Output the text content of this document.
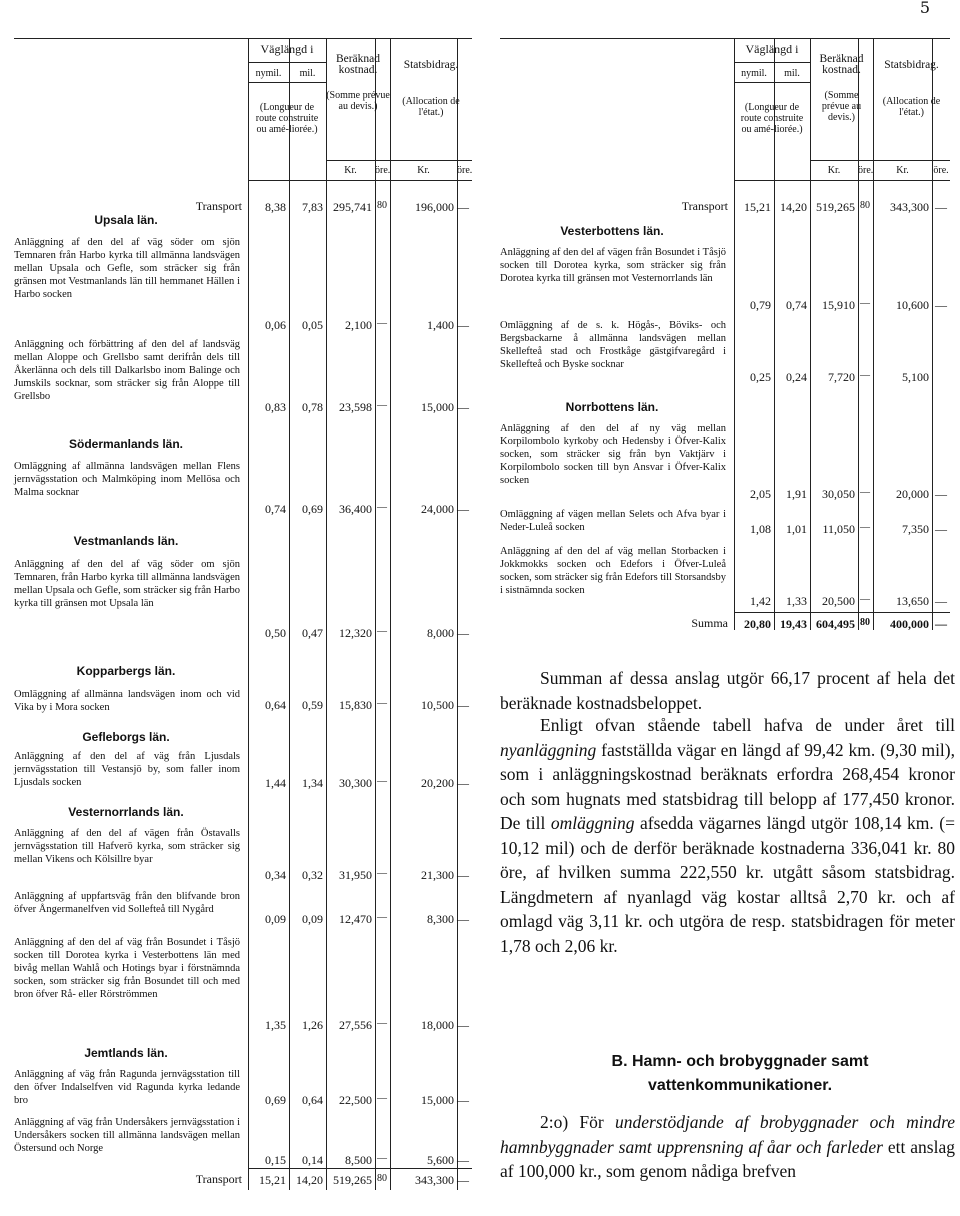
5
Väglängd i
nymil.	mil.
(Longueur de route construite ou amé-liorée.)
Beräknad kostnad.
(Somme prévue au devis.)
Statsbidrag.
(Allocation de l'état.)
Kr.	öre.	Kr.	öre.
Transport	8,38	7,83 295,741 80	196,000 —
Upsala län.
Anläggning af den del af väg söder om sjön Temnaren från Harbo kyrka till allmänna landsvägen mellan Upsala och Gefle, som sträcker sig från gränsen mot Vestmanlands län till hemmanet Hällen i Harbo socken
0,06	0,05	2,100 —	1,400 —
Anläggning och förbättring af den del af landsväg mellan Aloppe och Grellsbo samt derifrån dels till Åkerlänna och dels till Dalkarlsbo inom Balinge och Jumskils socknar, som sträcker sig från Aloppe till Grellsbo
0,83	0,78	23,598 —	15,000 —
Södermanlands län.
Omläggning af allmänna landsvägen mellan Flens jernvägsstation och Malmköping inom Mellösa och Malma socknar
0,74	0,69	36,400 —	24,000 —
Vestmanlands län.
Anläggning af den del af väg söder om sjön Temnaren, från Harbo kyrka till allmänna landsvägen mellan Upsala och Gefle, som sträcker sig från Harbo kyrka till gränsen mot Upsala län
0,50	0,47	12,320 —	8,000 —
Kopparbergs län.
Omläggning af allmänna landsvägen inom och vid Vika by i Mora socken	0,64	0,59	15,830 —	10,500 —
Gefleborgs län.
Anläggning af den del af väg från Ljusdals jernvägsstation till Vestansjö by, som faller inom Ljusdals socken	1,44	1,34	30,300 —	20,200 —
Vesternorrlands län.
Anläggning af den del af vägen från Östavalls jernvägsstation till Hafverö kyrka, som sträcker sig mellan Vikens och Kölsillre byar
0,34	0,32	31,950 —	21,300 —
Anläggning af uppfartsväg från den blifvande bron öfver Ångermanelfven vid Sollefteå till Nygård
0,09	0,09	12,470 —	8,300 —
Anläggning af den del af väg från Bosundet i Tåsjö socken till Dorotea kyrka i Vesterbottens län med bivåg mellan Wahlå och Hotings byar i förstnämnda socken, som sträcker sig från Bosundet till och med bron öfver Rå- eller Rörströmmen
1,35	1,26	27,556 —	18,000 —
Jemtlands län.
Anläggning af väg från Ragunda jernvägsstation till den öfver Indalselfven vid Ragunda kyrka ledande bro	0,69	0,64	22,500 —	15,000 —
Anläggning af väg från Undersåkers jernvägsstation i Undersåkers socken till allmänna landsvägen mellan Östersund och Norge
0,15	0,14	8,500 —	5,600 —
Transport	15,21 14,20 519,265 80	343,300 —
Väglängd i
nymil.	mil.
(Longueur de route construite ou amé-liorée.)
Beräknad kostnad.
(Somme prévue au devis.)
Statsbidrag.
(Allocation de l'état.)
Kr.	öre.	Kr.	öre.
Transport	15,21 14,20 519,265 80	343,300 —
Vesterbottens län.
Anläggning af den del af vägen från Bosundet i Tåsjö socken till Dorotea kyrka, som sträcker sig från Dorotea kyrka till gränsen mot Vesternorrlands län
0,79	0,74	15,910 —	10,600 —
Omläggning af de s. k. Högås-, Böviks- och Bergsbackarne å allmänna landsvägen mellan Skellefteå stad och Frostkåge gästgifvaregård i Skellefteå och Byske socknar
0,25	0,24	7,720 —	5,100
Norrbottens län.
Anläggning af den del af ny väg mellan Korpilombolo kyrkoby och Hedensby i Öfver-Kalix socken, som sträcker sig från byn Vaktjärv i Korpilombolo socken till byn Ansvar i Öfver-Kalix socken
2,05	1,91	30,050 —	20,000 —
Omläggning af vägen mellan Selets och Afva byar i Neder-Luleå socken	1,08	1,01	11,050 —	7,350 —
Anläggning af den del af väg mellan Storbacken i Jokkmokks socken och Edefors i Öfver-Luleå socken, som sträcker sig från Edefors till Storsandsby i sistnämnda socken
1,42	1,33	20,500 —	13,650 —
Summa	20,80 19,43 604,495 80	400,000 —
Summan af dessa anslag utgör 66,17 procent af hela det beräknade kostnadsbeloppet.
Enligt ofvan stående tabell hafva de under året till nyanläggning fastställda vägar en längd af 99,42 km. (9,30 mil), som i anläggningskostnad beräknats erfordra 268,454 kronor och som hugnats med statsbidrag till belopp af 177,450 kronor. De till omläggning afsedda vägarnes längd utgör 108,14 km. (= 10,12 mil) och de derför beräknade kostnaderna 336,041 kr. 80 öre, af hvilken summa 222,550 kr. utgått såsom statsbidrag. Längdmetern af nyanlagd väg kostar alltså 2,70 kr. och af omlagd väg 3,11 kr. och utgöra de resp. statsbidragen för meter 1,78 och 2,06 kr.
B. Hamn- och brobyggnader samt vattenkommunikationer.
2:o) För understödjande af brobyggnader och mindre hamnbyggnader samt upprensning af åar och farleder ett anslag af 100,000 kr., som genom nådiga brefven
